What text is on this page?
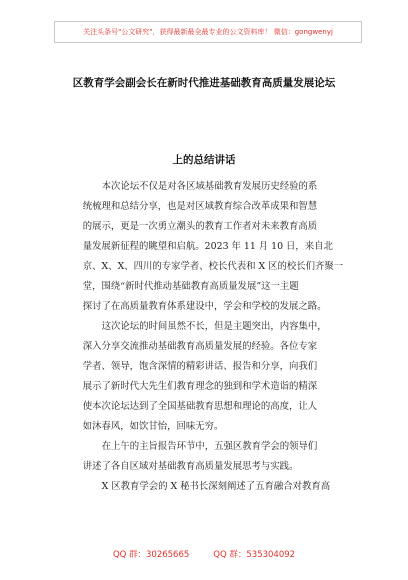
关注头条号"公文研究"，获得最新最全最专业的公文资料库！ 微信：gongwenyj
区教育学会副会长在新时代推进基础教育高质量发展论坛
上的总结讲话

本次论坛不仅是对各区域基础教育发展历史经验的系
统梳理和总结分享，也是对区域教育综合改革成果和智慧
的展示，更是一次勇立潮头的教育工作者对未来教育高质
量发展新征程的眺望和启航。2023 年 11 月 10 日，来自北
京、X、X、四川的专家学者、校长代表和 X 区的校长们齐聚一
堂，围绕“新时代推动基础教育高质量发展”这一主题
探讨了在高质量教育体系建设中，学会和学校的发展之路。

这次论坛的时间虽然不长，但是主题突出，内容集中，
深入分享交流推动基础教育高质量发展的经验。各位专家
学者、领导，饱含深情的精彩讲话、报告和分享，向我们
展示了新时代大先生们教育理念的独到和学术造诣的精深
使本次论坛达到了全国基础教育思想和理论的高度，让人
如沐春风，如饮甘怡，回味无穷。

在上午的主旨报告环节中，五强区教育学会的领导们
讲述了各自区域对基础教育高质量发展思考与实践。

X 区教育学会的 X 秘书长深刻阐述了五育融合对教育高

QQ 群：30265665	QQ 群：535304092
